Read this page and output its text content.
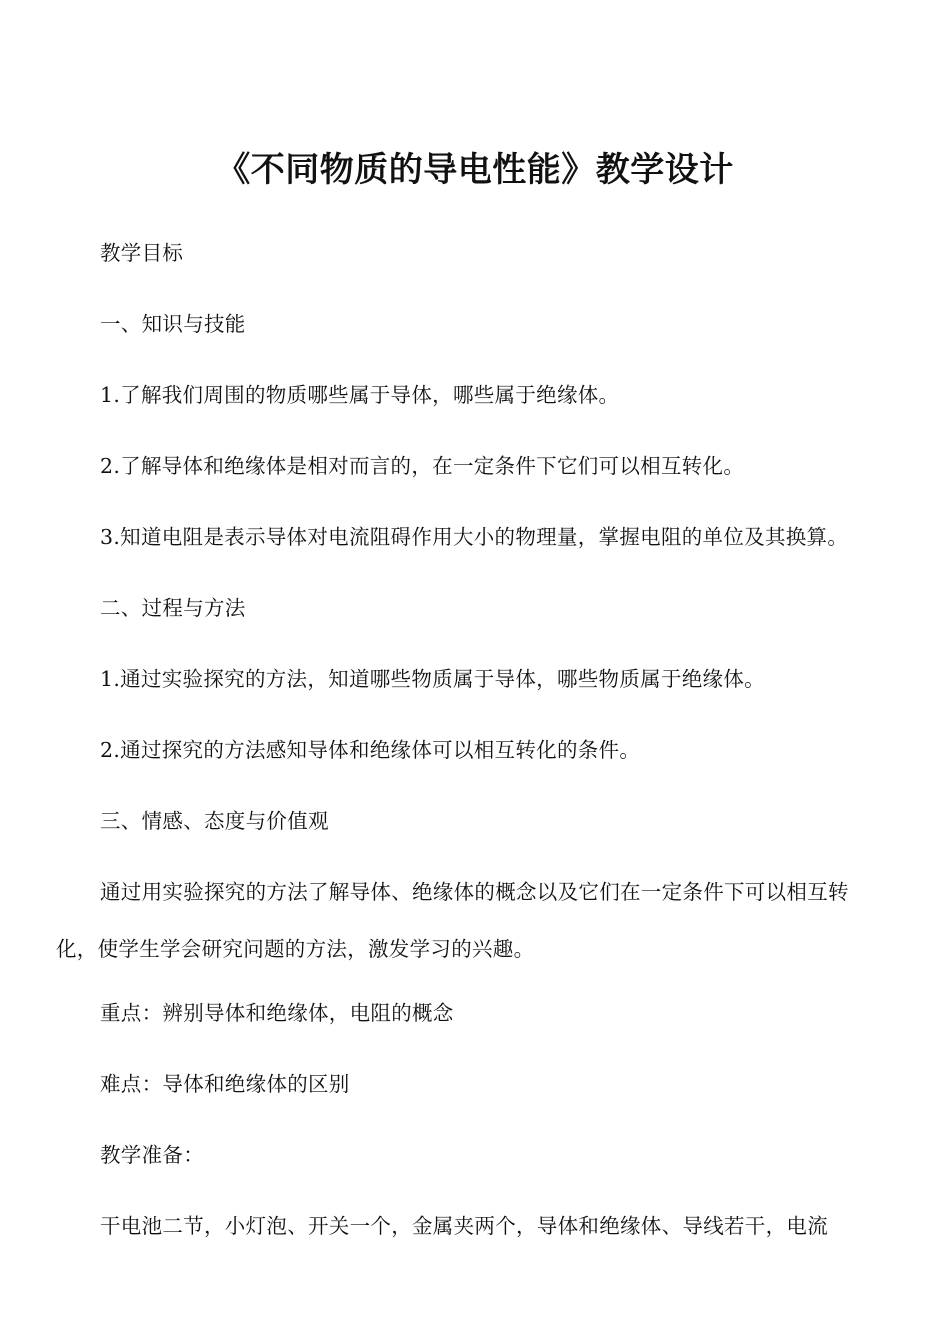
《不同物质的导电性能》教学设计
教学目标
一、知识与技能
1.了解我们周围的物质哪些属于导体，哪些属于绝缘体。
2.了解导体和绝缘体是相对而言的，在一定条件下它们可以相互转化。
3.知道电阻是表示导体对电流阻碍作用大小的物理量，掌握电阻的单位及其换算。
二、过程与方法
1.通过实验探究的方法，知道哪些物质属于导体，哪些物质属于绝缘体。
2.通过探究的方法感知导体和绝缘体可以相互转化的条件。
三、情感、态度与价值观
通过用实验探究的方法了解导体、绝缘体的概念以及它们在一定条件下可以相互转化，使学生学会研究问题的方法，激发学习的兴趣。
重点：辨别导体和绝缘体，电阻的概念
难点：导体和绝缘体的区别
教学准备：
干电池二节，小灯泡、开关一个，金属夹两个，导体和绝缘体、导线若干，电流
